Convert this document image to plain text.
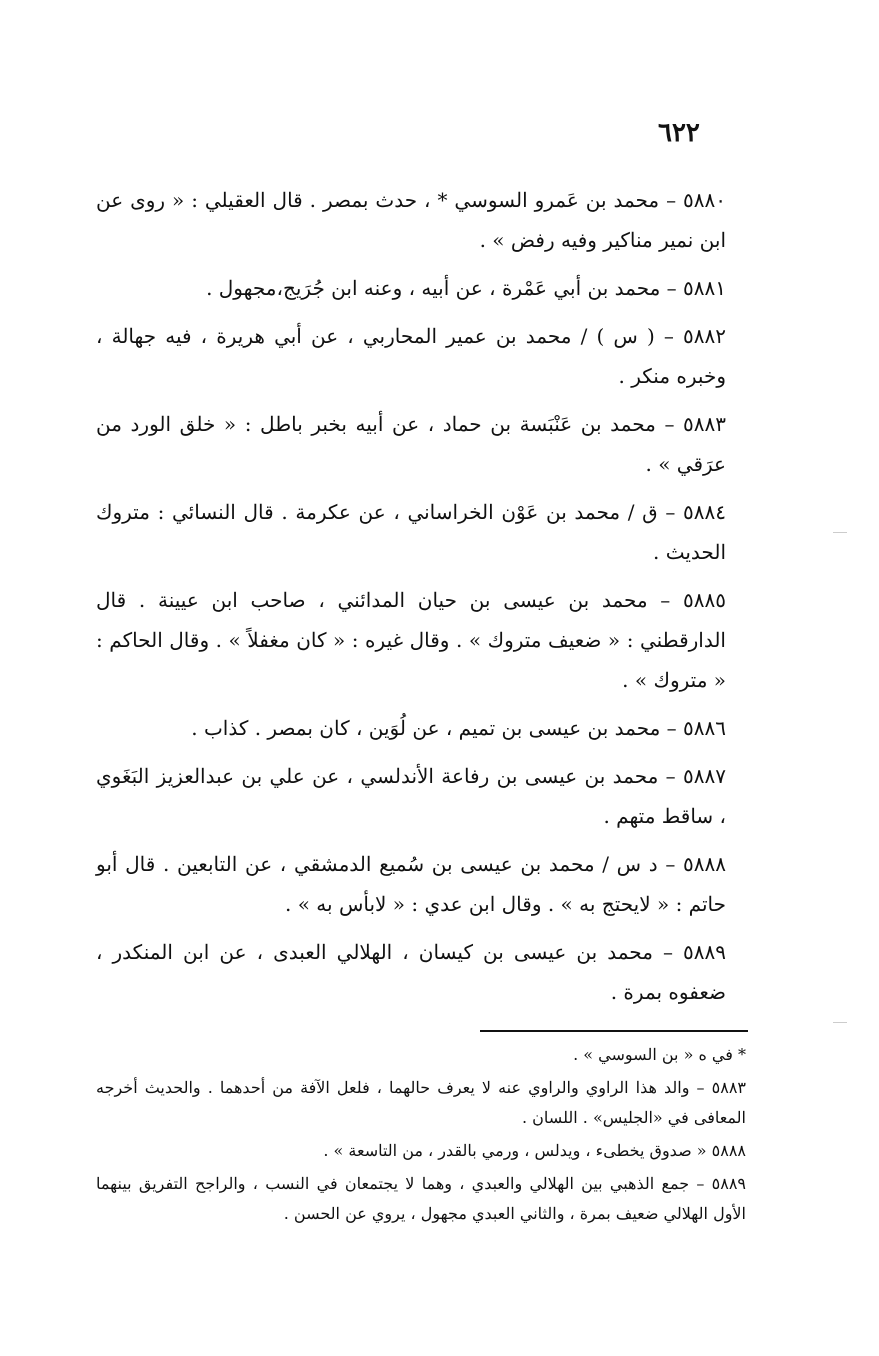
٦٢٢

٥٨٨٠ – محمد بن عَمرو السوسي * ، حدث بمصر . قال العقيلي : « روى عن ابن نمير مناكير وفيه رفض » .

٥٨٨١ – محمد بن أبي عَمْرة ، عن أبيه ، وعنه ابن جُرَيج،مجهول .

٥٨٨٢ – ( س ) / محمد بن عمير المحاربي ، عن أبي هريرة ، فيه جهالة ، وخبره منكر .

٥٨٨٣ – محمد بن عَنْبَسة بن حماد ، عن أبيه بخبر باطل : « خلق الورد من عرَقي » .

٥٨٨٤ – ق / محمد بن عَوْن الخراساني ، عن عكرمة . قال النسائي : متروك الحديث .

٥٨٨٥ – محمد بن عيسى بن حيان المدائني ، صاحب ابن عيينة . قال الدارقطني : « ضعيف متروك » . وقال غيره : « كان مغفلاً » . وقال الحاكم : « متروك » .

٥٨٨٦ – محمد بن عيسى بن تميم ، عن لُوَين ، كان بمصر . كذاب .

٥٨٨٧ – محمد بن عيسى بن رفاعة الأندلسي ، عن علي بن عبدالعزيز البَغَوي ، ساقط متهم .

٥٨٨٨ – د س / محمد بن عيسى بن سُميع الدمشقي ، عن التابعين . قال أبو حاتم : « لايحتج به » . وقال ابن عدي : « لابأس به » .

٥٨٨٩ – محمد بن عيسى بن كيسان ، الهلالي العبدى ، عن ابن المنكدر ، ضعفوه بمرة .

* في ه « بن السوسي » .

٥٨٨٣ – والد هذا الراوي والراوي عنه لا يعرف حالهما ، فلعل الآفة من أحدهما . والحديث أخرجه المعافى في «الجليس» . اللسان .

٥٨٨٨ « صدوق يخطىء ، ويدلس ، ورمي بالقدر ، من التاسعة » .

٥٨٨٩ – جمع الذهبي بين الهلالي والعبدي ، وهما لا يجتمعان في النسب ، والراجح التفريق بينهما الأول الهلالي ضعيف بمرة ، والثاني العبدي مجهول ، يروي عن الحسن .
